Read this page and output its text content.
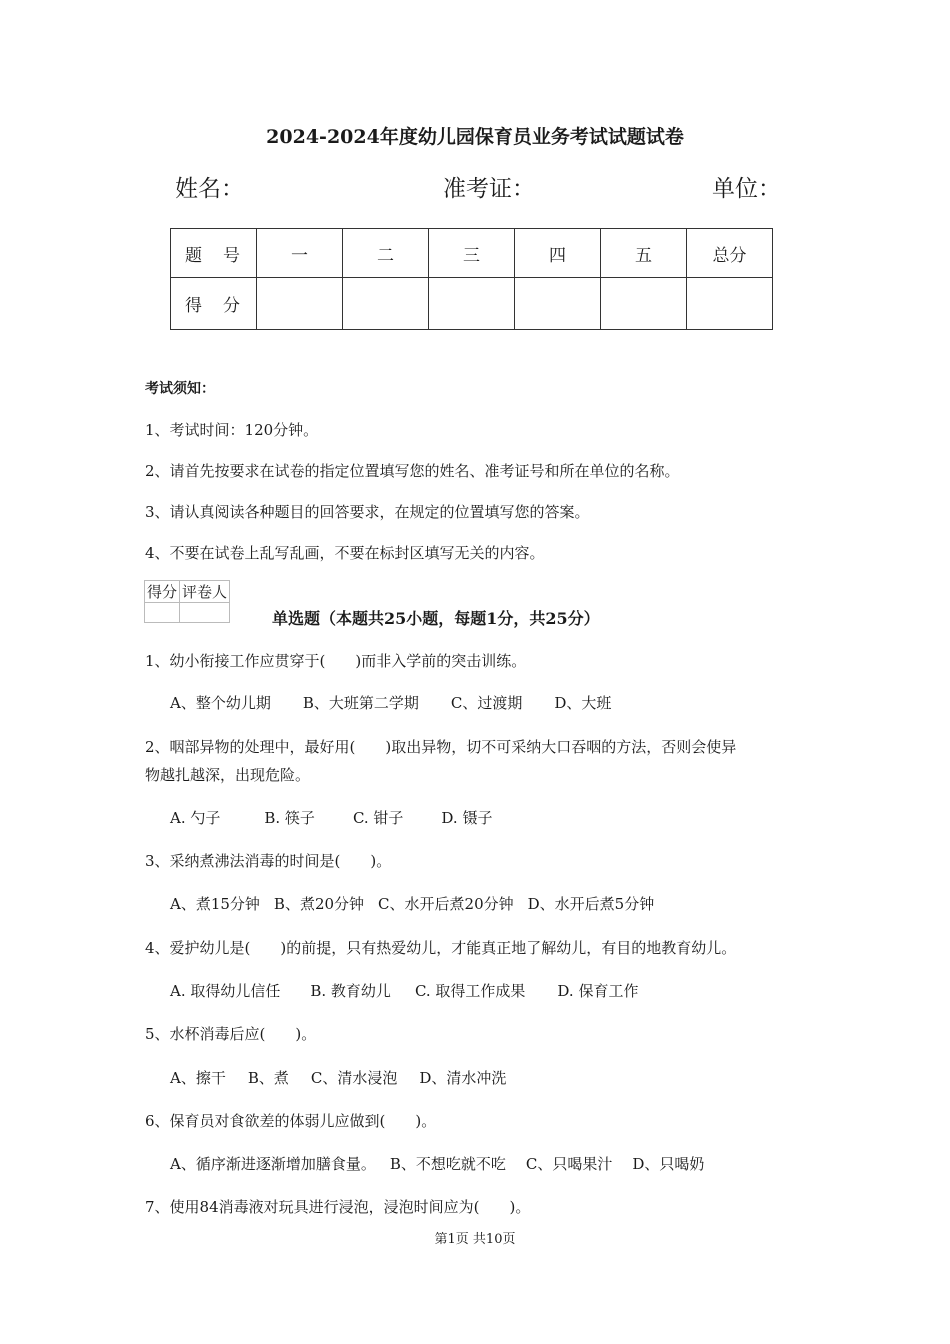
2024-2024年度幼儿园保育员业务考试试题试卷
姓名：	准考证：	单位：
题　号	一	二	三	四	五	总分
得　分						
考试须知：
1、考试时间：120分钟。
2、请首先按要求在试卷的指定位置填写您的姓名、准考证号和所在单位的名称。
3、请认真阅读各种题目的回答要求，在规定的位置填写您的答案。
4、不要在试卷上乱写乱画，不要在标封区填写无关的内容。
得分	评卷人

单选题（本题共25小题，每题1分，共25分）
1、幼小衔接工作应贯穿于(　　)而非入学前的突击训练。
A、整个幼儿期 B、大班第二学期 C、过渡期 D、大班
2、咽部异物的处理中，最好用(　　)取出异物，切不可采纳大口吞咽的方法，否则会使异
物越扎越深，出现危险。
A. 勺子	B. 筷子	C. 钳子	D. 镊子
3、采纳煮沸法消毒的时间是(　　)。
A、煮15分钟 B、煮20分钟 C、水开后煮20分钟 D、水开后煮5分钟
4、爱护幼儿是(　　)的前提，只有热爱幼儿，才能真正地了解幼儿，有目的地教育幼儿。
A. 取得幼儿信任 B. 教育幼儿 C. 取得工作成果 D. 保育工作
5、水杯消毒后应(　　)。
A、擦干 B、煮 C、清水浸泡 D、清水冲洗
6、保育员对食欲差的体弱儿应做到(　　)。
A、循序渐进逐渐增加膳食量。 B、不想吃就不吃 C、只喝果汁 D、只喝奶
7、使用84消毒液对玩具进行浸泡，浸泡时间应为(　　)。
第1页 共10页
